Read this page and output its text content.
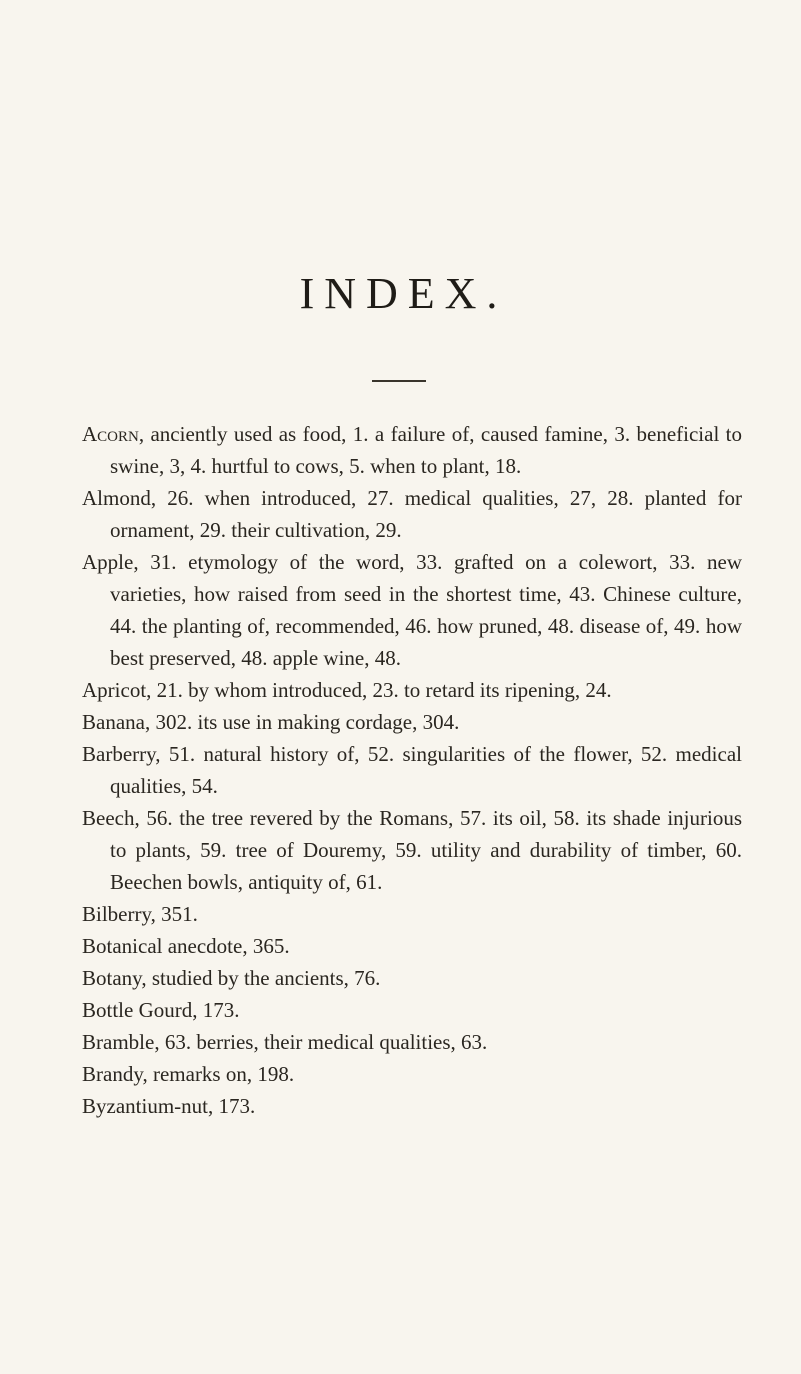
INDEX.
Acorn, anciently used as food, 1. a failure of, caused famine, 3. beneficial to swine, 3, 4. hurtful to cows, 5. when to plant, 18.
Almond, 26. when introduced, 27. medical qualities, 27, 28. planted for ornament, 29. their cultivation, 29.
Apple, 31. etymology of the word, 33. grafted on a colewort, 33. new varieties, how raised from seed in the shortest time, 43. Chinese culture, 44. the planting of, recommended, 46. how pruned, 48. disease of, 49. how best preserved, 48. apple wine, 48.
Apricot, 21. by whom introduced, 23. to retard its ripening, 24.
Banana, 302. its use in making cordage, 304.
Barberry, 51. natural history of, 52. singularities of the flower, 52. medical qualities, 54.
Beech, 56. the tree revered by the Romans, 57. its oil, 58. its shade injurious to plants, 59. tree of Douremy, 59. utility and durability of timber, 60. Beechen bowls, antiquity of, 61.
Bilberry, 351.
Botanical anecdote, 365.
Botany, studied by the ancients, 76.
Bottle Gourd, 173.
Bramble, 63. berries, their medical qualities, 63.
Brandy, remarks on, 198.
Byzantium-nut, 173.
